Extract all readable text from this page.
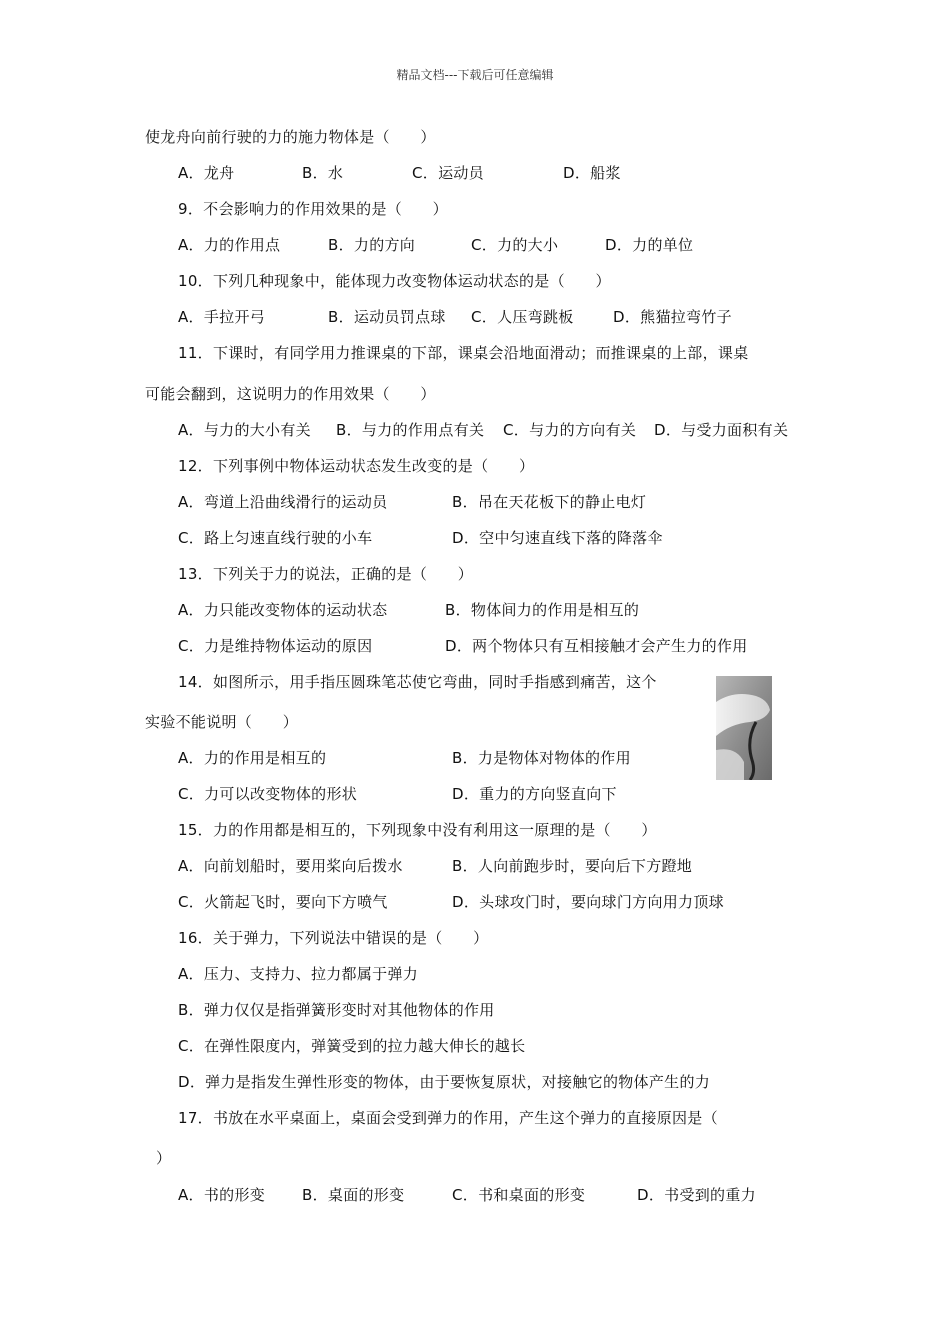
精品文档---下载后可任意编辑
使龙舟向前行驶的力的施力物体是（　　）
A．龙舟	B．水	C．运动员	D．船浆
9．不会影响力的作用效果的是（　　）
A．力的作用点	B．力的方向	C．力的大小	D．力的单位
10．下列几种现象中，能体现力改变物体运动状态的是（　　）
A．手拉开弓	B．运动员罚点球 C．人压弯跳板	D．熊猫拉弯竹子
11．下课时，有同学用力推课桌的下部，课桌会沿地面滑动；而推课桌的上部，课桌
可能会翻到，这说明力的作用效果（　　）
A．与力的大小有关 B．与力的作用点有关 C．与力的方向有关 D．与受力面积有关
12．下列事例中物体运动状态发生改变的是（　　）
A．弯道上沿曲线滑行的运动员	B．吊在天花板下的静止电灯
C．路上匀速直线行驶的小车	D．空中匀速直线下落的降落伞
13．下列关于力的说法，正确的是（　　）
A．力只能改变物体的运动状态	B．物体间力的作用是相互的
C．力是维持物体运动的原因	D．两个物体只有互相接触才会产生力的作用
14．如图所示，用手指压圆珠笔芯使它弯曲，同时手指感到痛苦，这个
实验不能说明（　　）
A．力的作用是相互的	B．力是物体对物体的作用
C．力可以改变物体的形状	D．重力的方向竖直向下
15．力的作用都是相互的，下列现象中没有利用这一原理的是（　　）
A．向前划船时，要用桨向后拨水	B．人向前跑步时，要向后下方蹬地
C．火箭起飞时，要向下方喷气	D．头球攻门时，要向球门方向用力顶球
16．关于弹力，下列说法中错误的是（　　）
A．压力、支持力、拉力都属于弹力
B．弹力仅仅是指弹簧形变时对其他物体的作用
C．在弹性限度内，弹簧受到的拉力越大伸长的越长
D．弹力是指发生弹性形变的物体，由于要恢复原状，对接触它的物体产生的力
17．书放在水平桌面上，桌面会受到弹力的作用，产生这个弹力的直接原因是（
）
A．书的形变 B．桌面的形变	C．书和桌面的形变	D．书受到的重力
